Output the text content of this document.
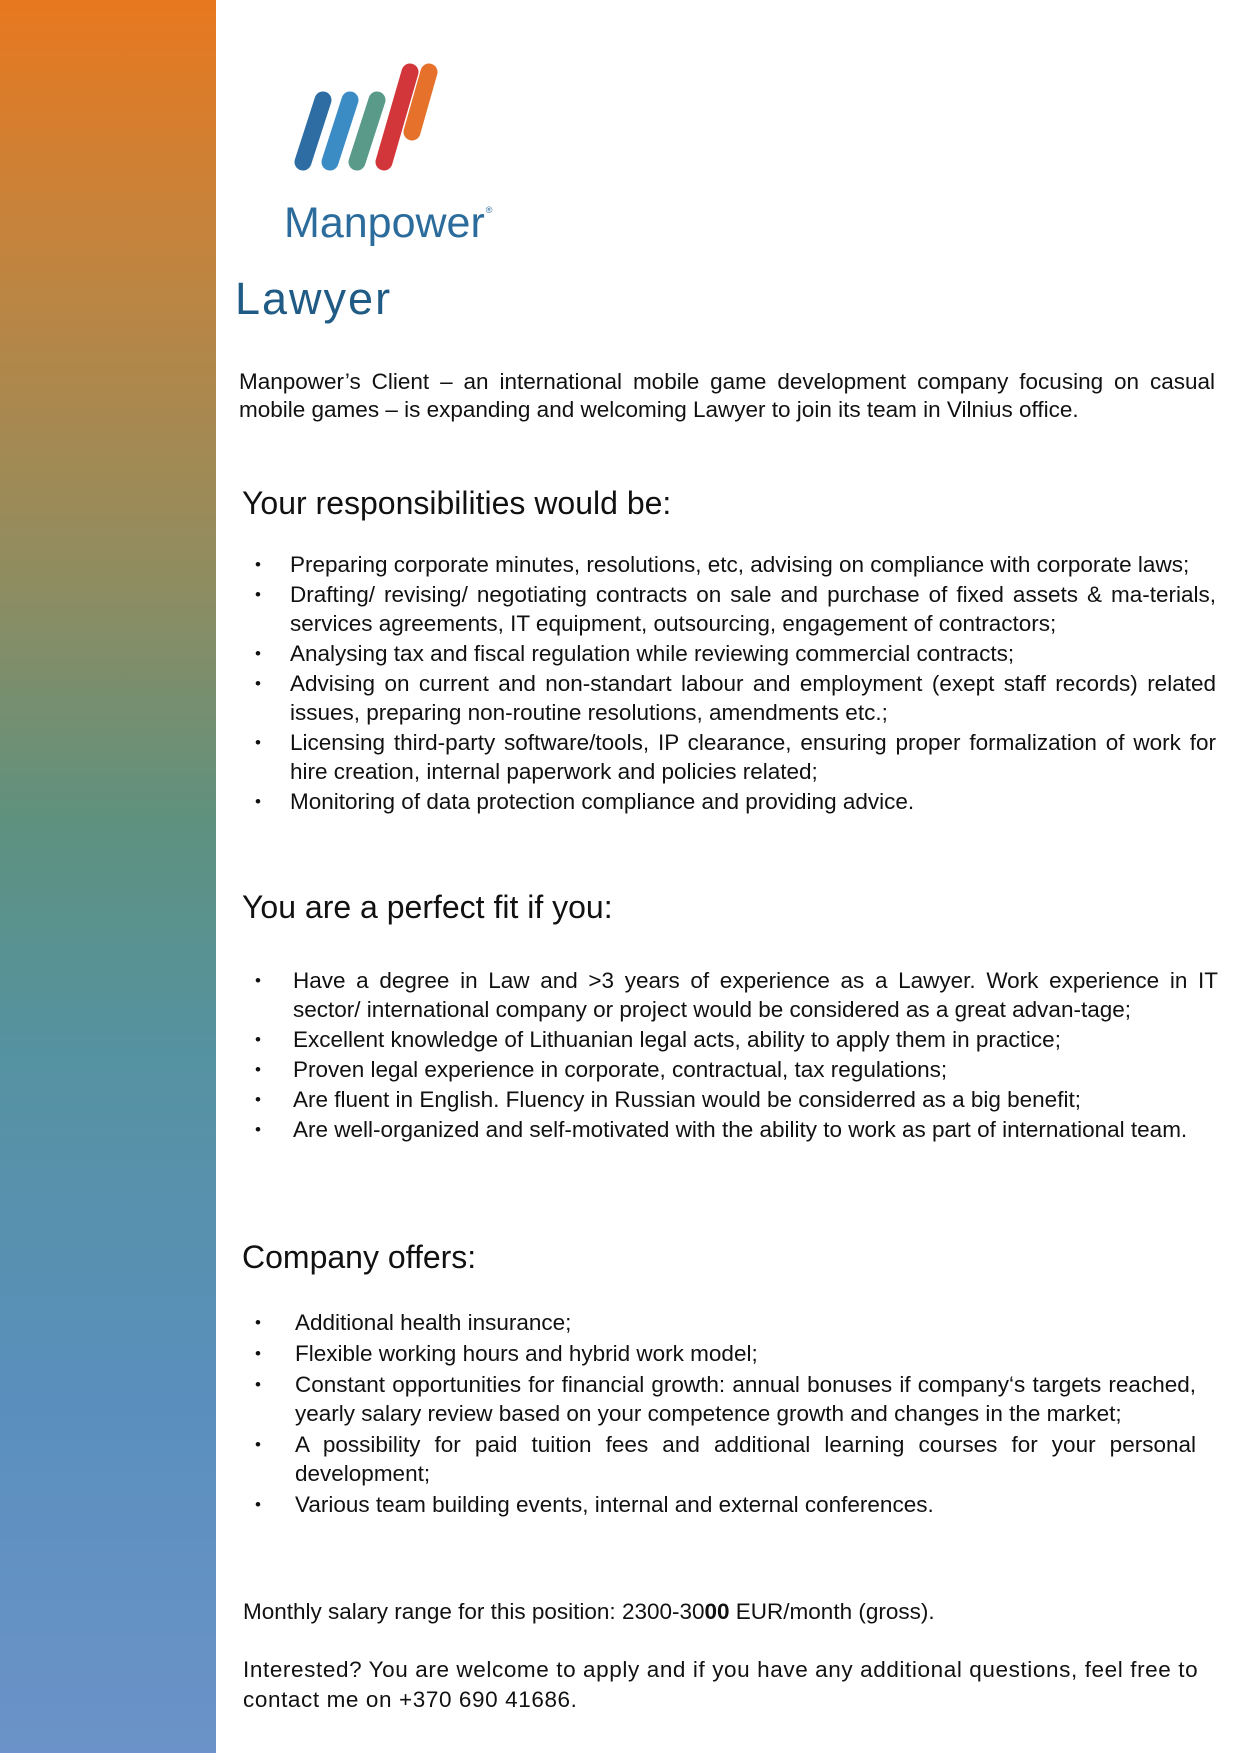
Manpower®
Lawyer

Manpower’s Client – an international mobile game development company focusing on casual mobile games – is expanding and welcoming Lawyer to join its team in Vilnius office.

Your responsibilities would be:
• Preparing corporate minutes, resolutions, etc, advising on compliance with corporate laws;
• Drafting/ revising/ negotiating contracts on sale and purchase of fixed assets & ma-terials, services agreements, IT equipment, outsourcing, engagement of contractors;
• Analysing tax and fiscal regulation while reviewing commercial contracts;
• Advising on current and non-standart labour and employment (exept staff records) related issues, preparing non-routine resolutions, amendments etc.;
• Licensing third-party software/tools, IP clearance, ensuring proper formalization of work for hire creation, internal paperwork and policies related;
• Monitoring of data protection compliance and providing advice.
You are a perfect fit if you:
• Have a degree in Law and >3 years of experience as a Lawyer. Work experience in IT sector/ international company or project would be considered as a great advan-tage;
• Excellent knowledge of Lithuanian legal acts, ability to apply them in practice;
• Proven legal experience in corporate, contractual, tax regulations;
• Are fluent in English. Fluency in Russian would be considerred as a big benefit;
• Are well-organized and self-motivated with the ability to work as part of international team.
Company offers:
• Additional health insurance;
• Flexible working hours and hybrid work model;
• Constant opportunities for financial growth: annual bonuses if company‘s targets reached, yearly salary review based on your competence growth and changes in the market;
• A possibility for paid tuition fees and additional learning courses for your personal development;
• Various team building events, internal and external conferences.

Monthly salary range for this position: 2300-3000 EUR/month (gross).

Interested? You are welcome to apply and if you have any additional questions, feel free to contact me on +370 690 41686.
